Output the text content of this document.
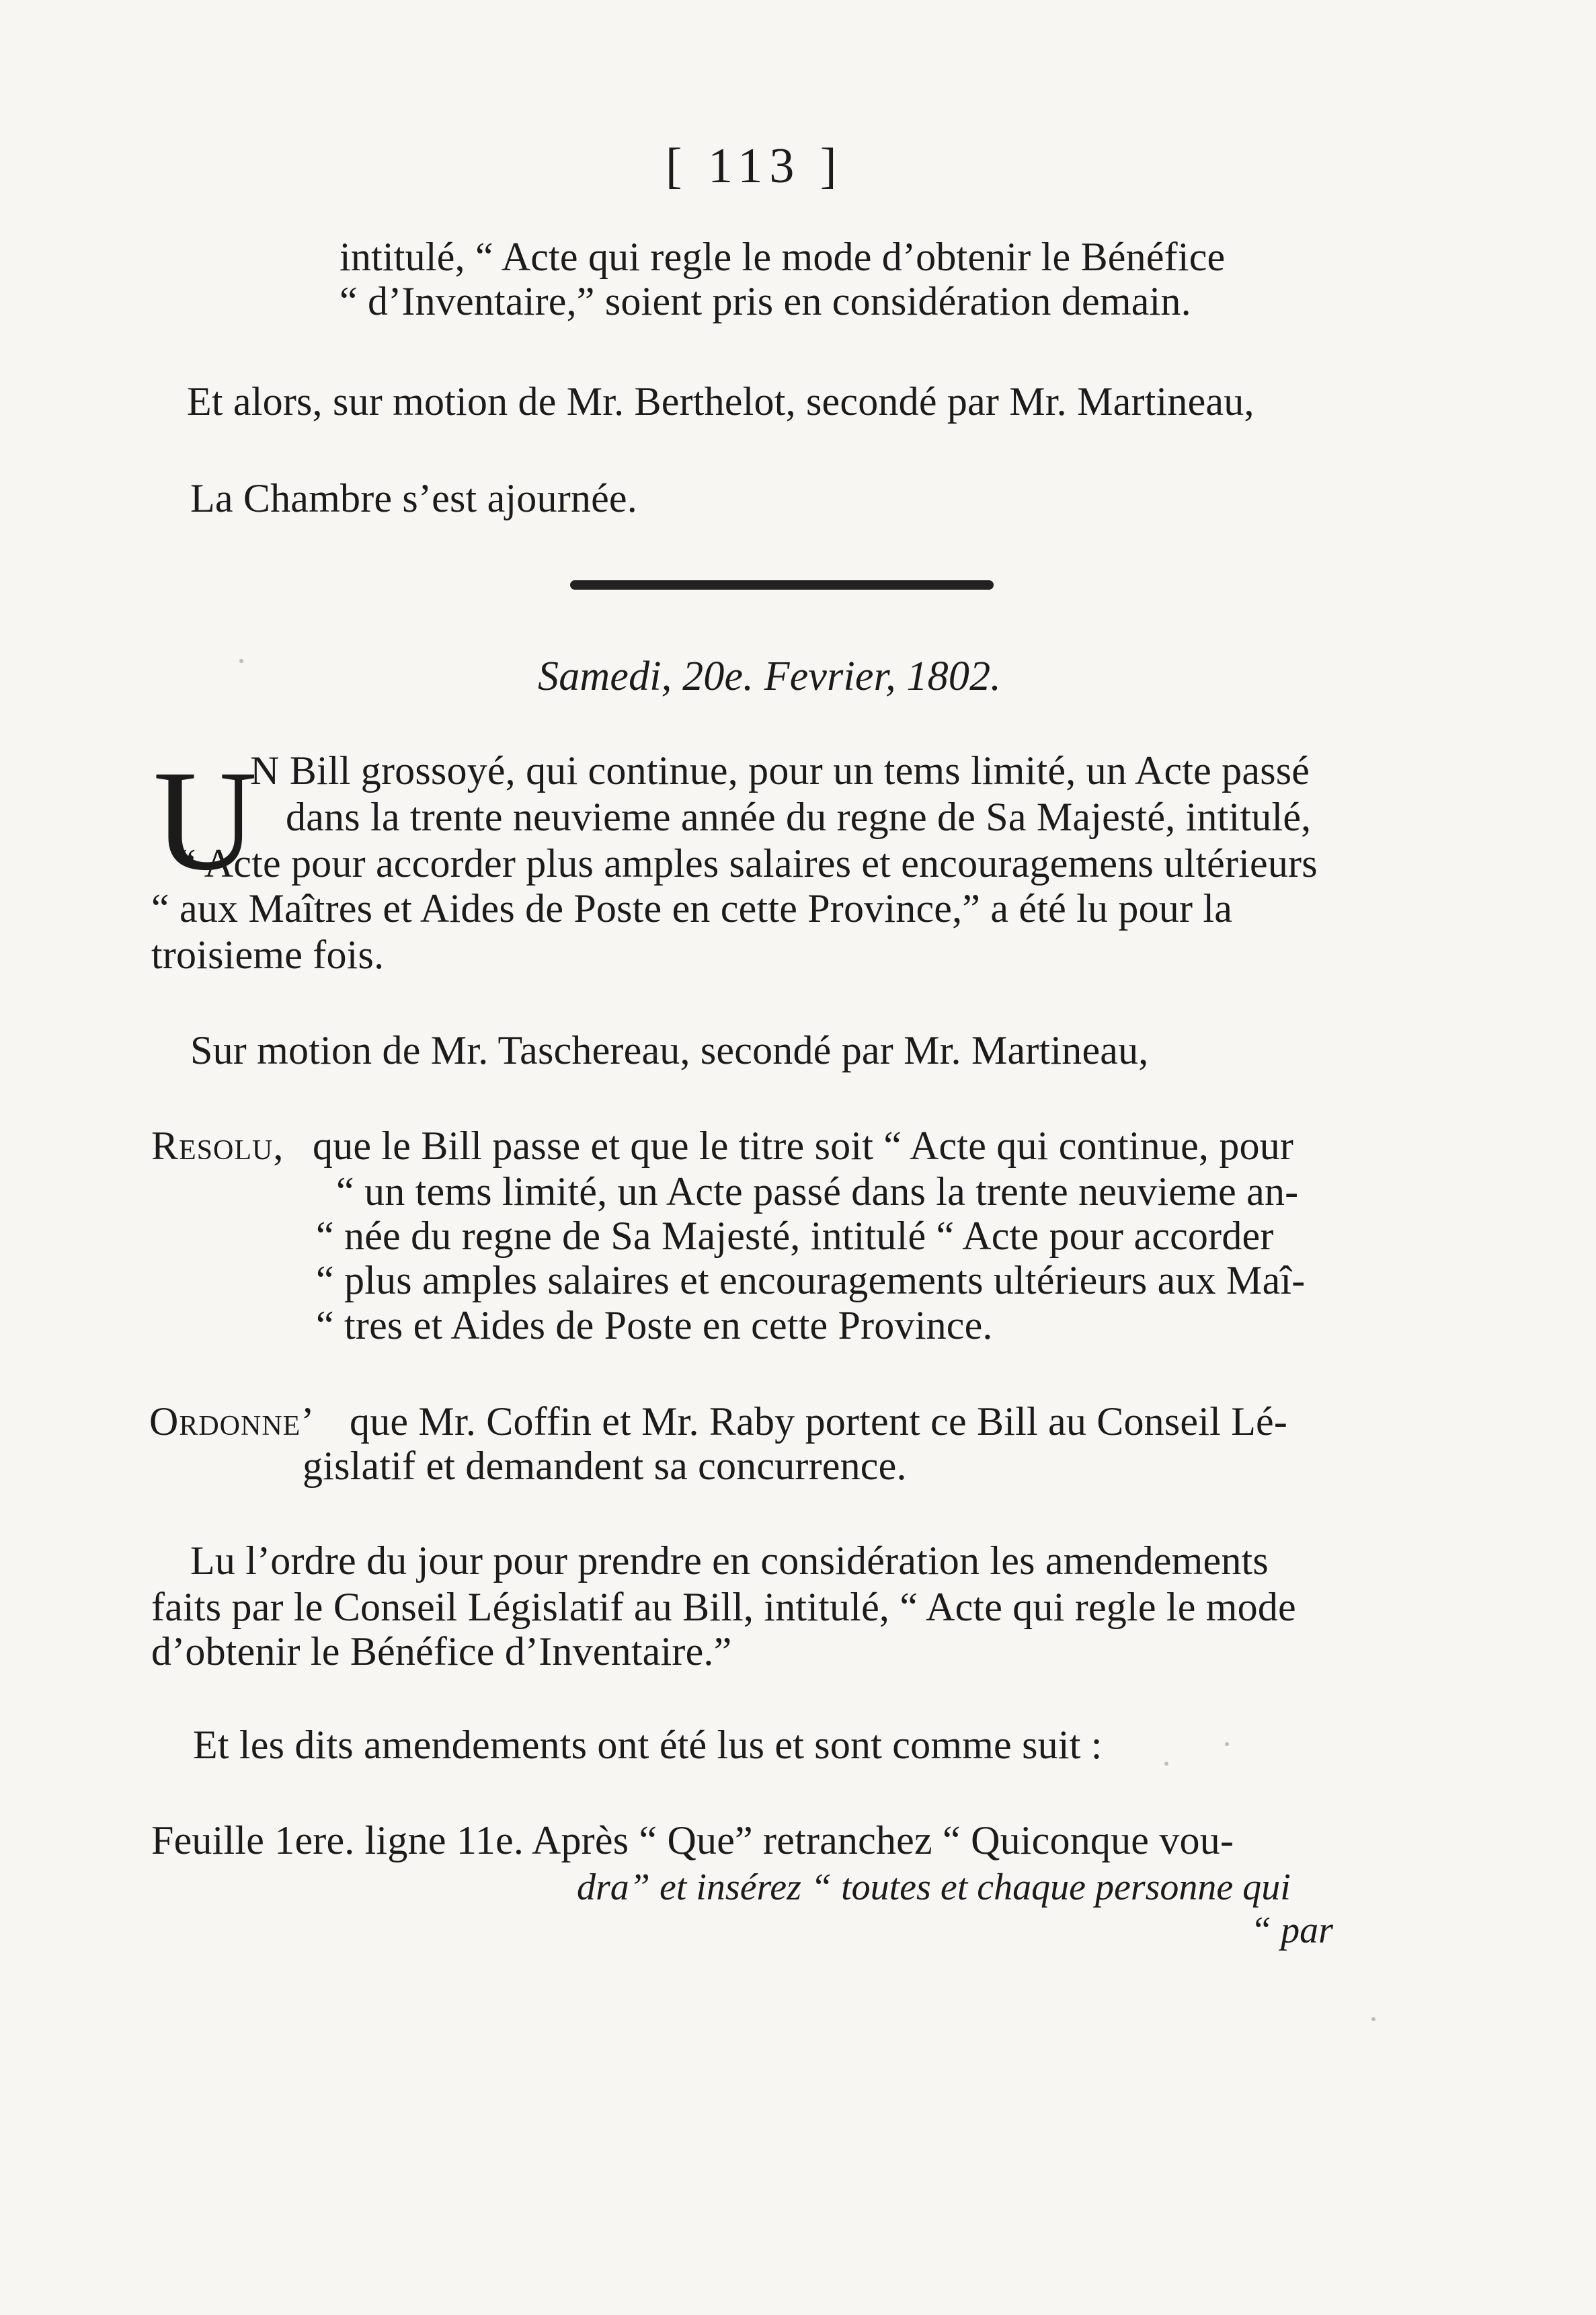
[ 113 ]
intitulé, “ Acte qui regle le mode d’obtenir le Bénéfice
“ d’Inventaire,” soient pris en considération demain.
Et alors, sur motion de Mr. Berthelot, secondé par Mr. Martineau,
La Chambre s’est ajournée.
Samedi, 20e. Fevrier, 1802.
U
N Bill grossoyé, qui continue, pour un tems limité, un Acte passé
dans la trente neuvieme année du regne de Sa Majesté, intitulé,
“ Acte pour accorder plus amples salaires et encouragemens ultérieurs
“ aux Maîtres et Aides de Poste en cette Province,” a été lu pour la
troisieme fois.
Sur motion de Mr. Taschereau, secondé par Mr. Martineau,
Resolu, que le Bill passe et que le titre soit “ Acte qui continue, pour
“ un tems limité, un Acte passé dans la trente neuvieme an-
“ née du regne de Sa Majesté, intitulé “ Acte pour accorder
“ plus amples salaires et encouragements ultérieurs aux Maî-
“ tres et Aides de Poste en cette Province.
Ordonne’ que Mr. Coffin et Mr. Raby portent ce Bill au Conseil Lé-
gislatif et demandent sa concurrence.
Lu l’ordre du jour pour prendre en considération les amendements
faits par le Conseil Législatif au Bill, intitulé, “ Acte qui regle le mode
d’obtenir le Bénéfice d’Inventaire.”
Et les dits amendements ont été lus et sont comme suit :
Feuille 1ere. ligne 11e. Après “ Que” retranchez “ Quiconque vou-
dra” et insérez “ toutes et chaque personne qui
“ par
